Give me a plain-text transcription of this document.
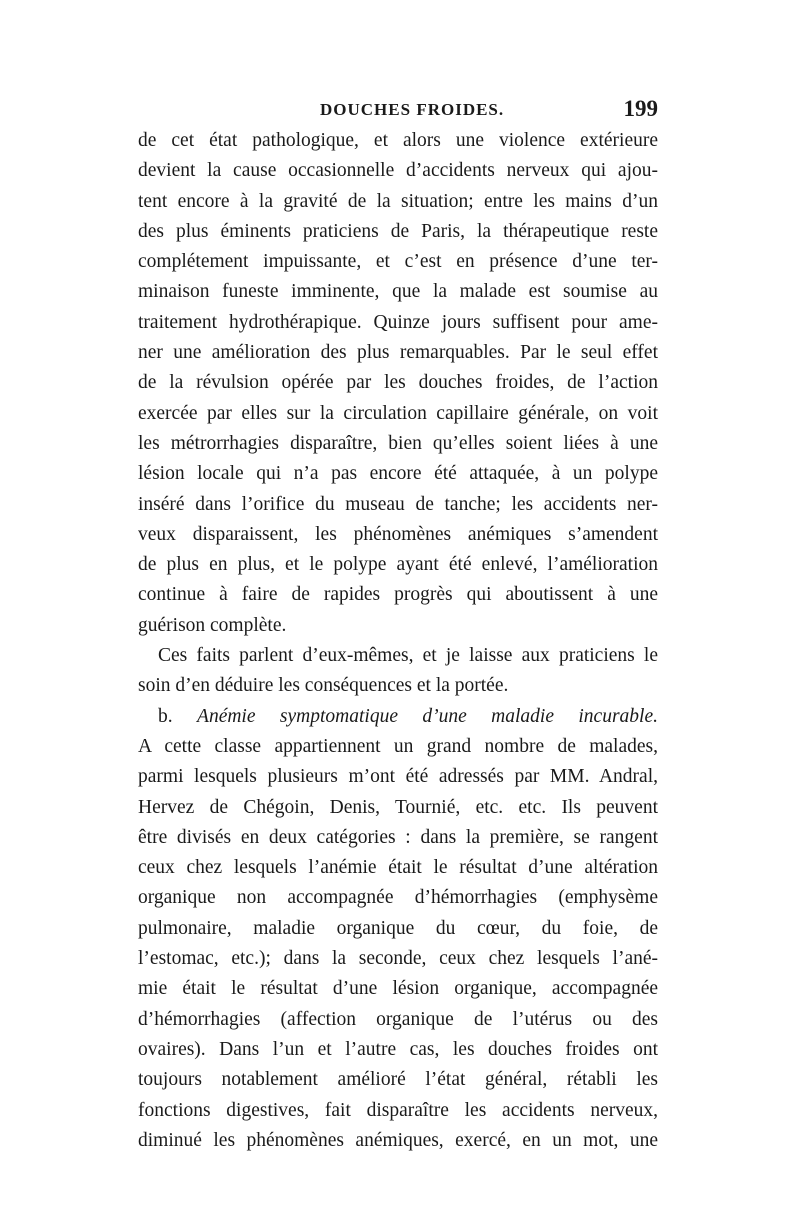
DOUCHES FROIDES.	199
de cet état pathologique, et alors une violence extérieure
devient la cause occasionnelle d’accidents nerveux qui ajou-
tent encore à la gravité de la situation; entre les mains d’un
des plus éminents praticiens de Paris, la thérapeutique reste
complétement impuissante, et c’est en présence d’une ter-
minaison funeste imminente, que la malade est soumise au
traitement hydrothérapique. Quinze jours suffisent pour ame-
ner une amélioration des plus remarquables. Par le seul effet
de la révulsion opérée par les douches froides, de l’action
exercée par elles sur la circulation capillaire générale, on voit
les métrorrhagies disparaître, bien qu’elles soient liées à une
lésion locale qui n’a pas encore été attaquée, à un polype
inséré dans l’orifice du museau de tanche; les accidents ner-
veux disparaissent, les phénomènes anémiques s’amendent
de plus en plus, et le polype ayant été enlevé, l’amélioration
continue à faire de rapides progrès qui aboutissent à une
guérison complète.
Ces faits parlent d’eux-mêmes, et je laisse aux praticiens le
soin d’en déduire les conséquences et la portée.
b. Anémie symptomatique d’une maladie incurable.
A cette classe appartiennent un grand nombre de malades,
parmi lesquels plusieurs m’ont été adressés par MM. Andral,
Hervez de Chégoin, Denis, Tournié, etc. etc. Ils peuvent
être divisés en deux catégories : dans la première, se rangent
ceux chez lesquels l’anémie était le résultat d’une altération
organique non accompagnée d’hémorrhagies (emphysème
pulmonaire, maladie organique du cœur, du foie, de
l’estomac, etc.); dans la seconde, ceux chez lesquels l’ané-
mie était le résultat d’une lésion organique, accompagnée
d’hémorrhagies (affection organique de l’utérus ou des
ovaires). Dans l’un et l’autre cas, les douches froides ont
toujours notablement amélioré l’état général, rétabli les
fonctions digestives, fait disparaître les accidents nerveux,
diminué les phénomènes anémiques, exercé, en un mot, une
